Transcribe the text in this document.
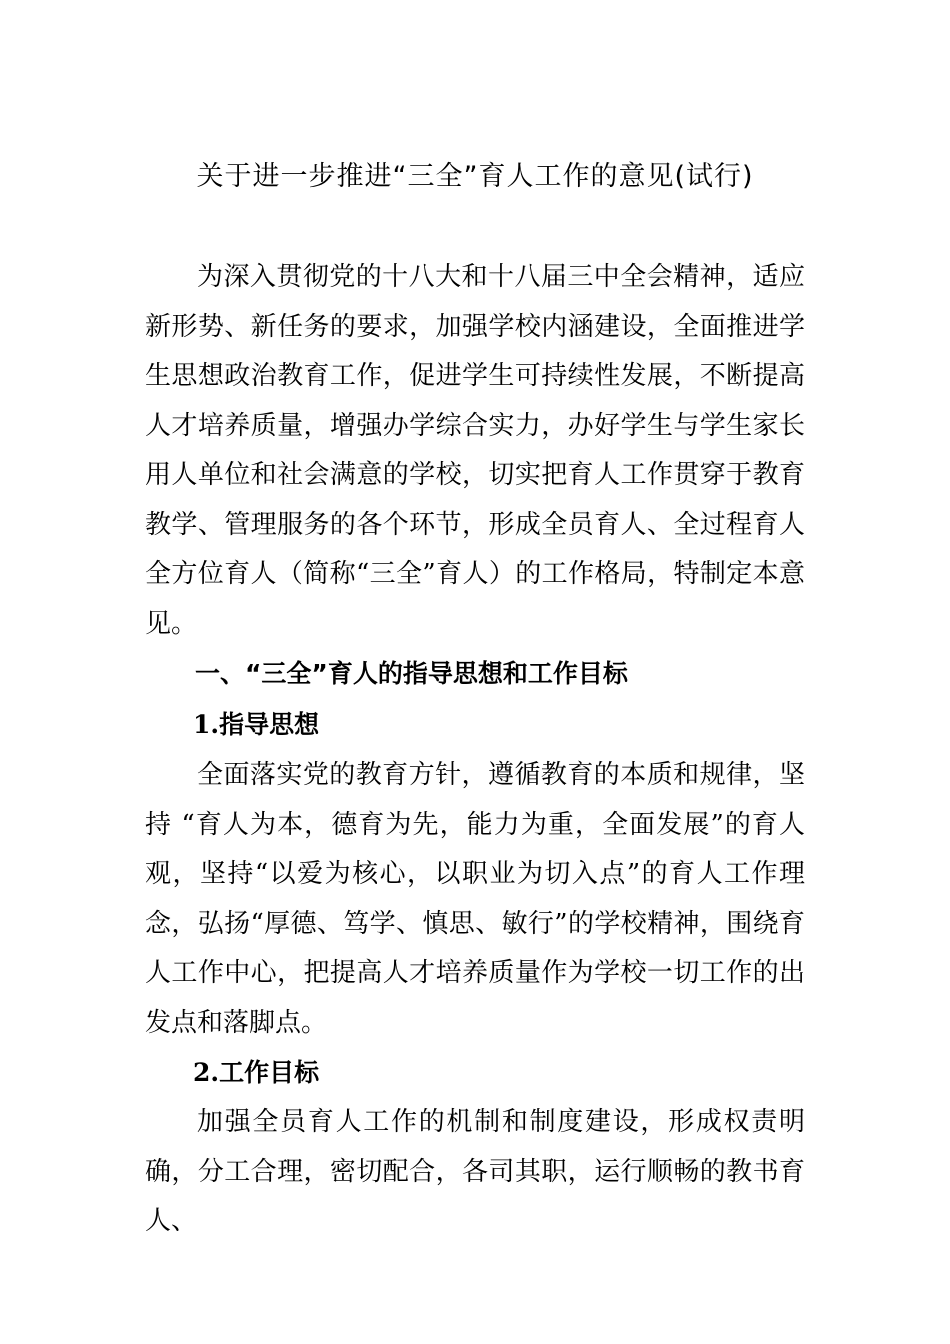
关于进一步推进“三全”育人工作的意见(试行)

为深入贯彻党的十八大和十八届三中全会精神，适应新形势、新任务的要求，加强学校内涵建设，全面推进学生思想政治教育工作，促进学生可持续性发展，不断提高人才培养质量，增强办学综合实力，办好学生与学生家长用人单位和社会满意的学校，切实把育人工作贯穿于教育教学、管理服务的各个环节，形成全员育人、全过程育人全方位育人（简称“三全”育人）的工作格局，特制定本意见。

一、“三全”育人的指导思想和工作目标
1.指导思想

全面落实党的教育方针，遵循教育的本质和规律，坚持 “育人为本，德育为先，能力为重，全面发展”的育人观，坚持“以爱为核心，以职业为切入点”的育人工作理念，弘扬“厚德、笃学、慎思、敏行”的学校精神，围绕育人工作中心，把提高人才培养质量作为学校一切工作的出发点和落脚点。

2.工作目标

加强全员育人工作的机制和制度建设，形成权责明确，分工合理，密切配合，各司其职，运行顺畅的教书育人、
